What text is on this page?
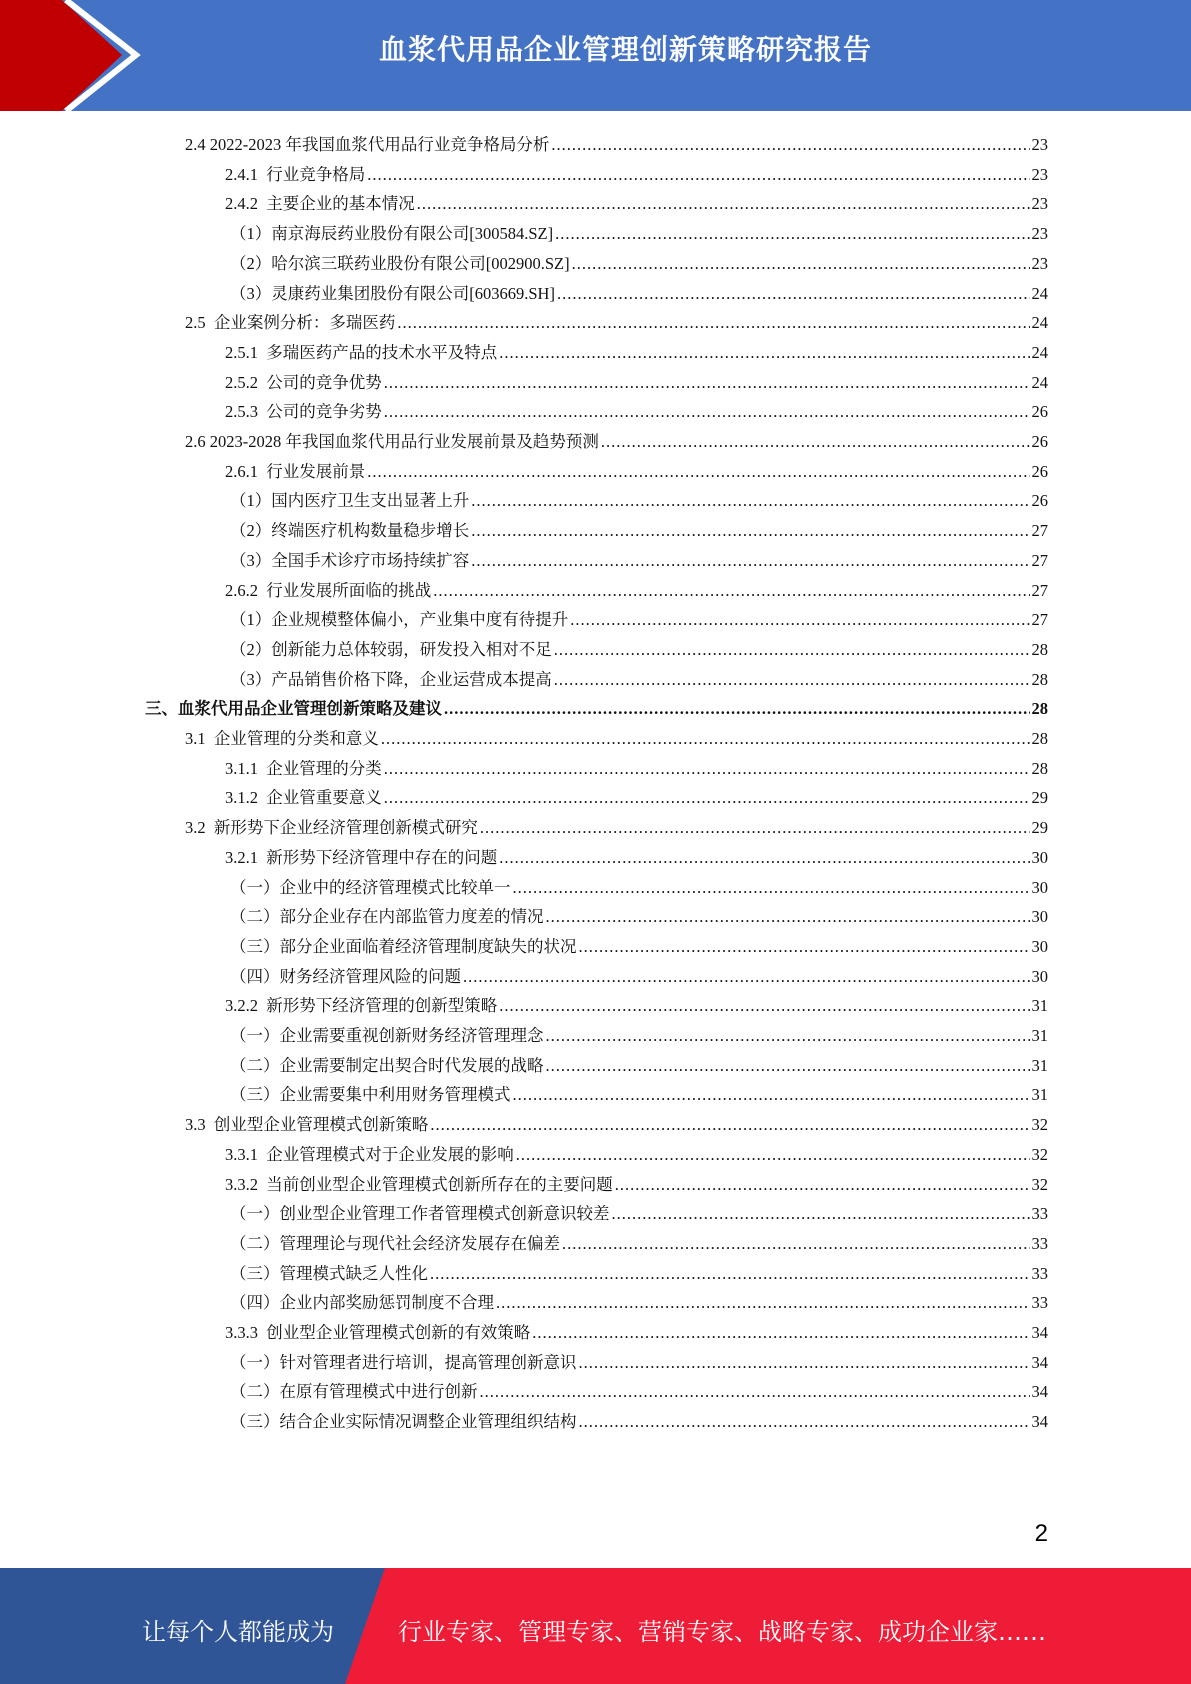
血浆代用品企业管理创新策略研究报告
2.4 2022-2023 年我国血浆代用品行业竞争格局分析 .....	23
2.4.1  行业竞争格局 .....	23
2.4.2  主要企业的基本情况 .....	23
（1）南京海辰药业股份有限公司[300584.SZ] .....	23
（2）哈尔滨三联药业股份有限公司[002900.SZ] .....	23
（3）灵康药业集团股份有限公司[603669.SH] .....	24
2.5  企业案例分析：多瑞医药 .....	24
2.5.1  多瑞医药产品的技术水平及特点 .....	24
2.5.2  公司的竞争优势 .....	24
2.5.3  公司的竞争劣势 .....	26
2.6 2023-2028 年我国血浆代用品行业发展前景及趋势预测 .....	26
2.6.1  行业发展前景 .....	26
（1）国内医疗卫生支出显著上升 .....	26
（2）终端医疗机构数量稳步增长 .....	27
（3）全国手术诊疗市场持续扩容 .....	27
2.6.2  行业发展所面临的挑战 .....	27
（1）企业规模整体偏小，产业集中度有待提升 .....	27
（2）创新能力总体较弱，研发投入相对不足 .....	28
（3）产品销售价格下降，企业运营成本提高 .....	28
三、血浆代用品企业管理创新策略及建议 .....	28
3.1  企业管理的分类和意义 .....	28
3.1.1  企业管理的分类 .....	28
3.1.2  企业管重要意义 .....	29
3.2  新形势下企业经济管理创新模式研究 .....	29
3.2.1  新形势下经济管理中存在的问题 .....	30
（一）企业中的经济管理模式比较单一 .....	30
（二）部分企业存在内部监管力度差的情况 .....	30
（三）部分企业面临着经济管理制度缺失的状况 .....	30
（四）财务经济管理风险的问题 .....	30
3.2.2  新形势下经济管理的创新型策略 .....	31
（一）企业需要重视创新财务经济管理理念 .....	31
（二）企业需要制定出契合时代发展的战略 .....	31
（三）企业需要集中利用财务管理模式 .....	31
3.3  创业型企业管理模式创新策略 .....	32
3.3.1  企业管理模式对于企业发展的影响 .....	32
3.3.2  当前创业型企业管理模式创新所存在的主要问题 .....	32
（一）创业型企业管理工作者管理模式创新意识较差 .....	33
（二）管理理论与现代社会经济发展存在偏差 .....	33
（三）管理模式缺乏人性化 .....	33
（四）企业内部奖励惩罚制度不合理 .....	33
3.3.3  创业型企业管理模式创新的有效策略 .....	34
（一）针对管理者进行培训，提高管理创新意识 .....	34
（二）在原有管理模式中进行创新 .....	34
（三）结合企业实际情况调整企业管理组织结构 .....	34
2
让每个人都能成为	行业专家、管理专家、营销专家、战略专家、成功企业家……
